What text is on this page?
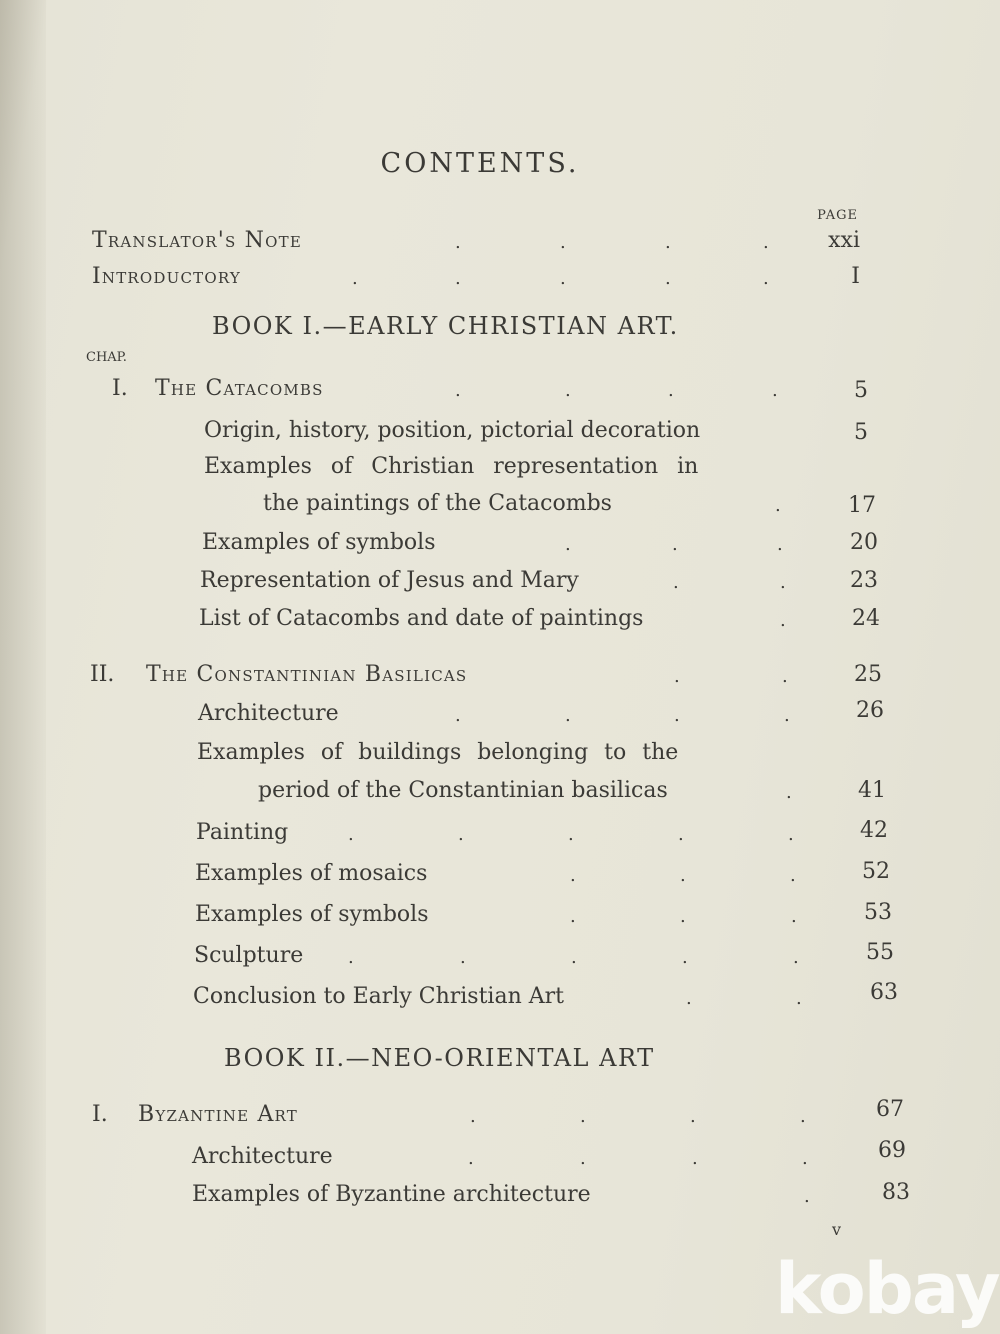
CONTENTS.
PAGE
Translator's Note	.	.	.	.	xxi
Introductory	.	.	.	.	.	I
BOOK I.—EARLY CHRISTIAN ART.
CHAP.
I. The Catacombs	.	.	.	.	5
Origin, history, position, pictorial decoration	5
Examples of Christian representation in
the paintings of the Catacombs	.	17
Examples of symbols	.	.	.	20
Representation of Jesus and Mary	.	.	23
List of Catacombs and date of paintings	.	24
II. The Constantinian Basilicas	.	.	25
Architecture	.	.	.	.	26
Examples of buildings belonging to the
period of the Constantinian basilicas	.	41
Painting	.	.	.	.	.	42
Examples of mosaics	.	.	.	52
Examples of symbols	.	.	.	53
Sculpture .	.	.	.	.	55
Conclusion to Early Christian Art	.	.	63
BOOK II.—NEO-ORIENTAL ART
I. Byzantine Art	.	.	.	.	67
Architecture	.	.	.	.	69
Examples of Byzantine architecture	.	83
v
kobay
